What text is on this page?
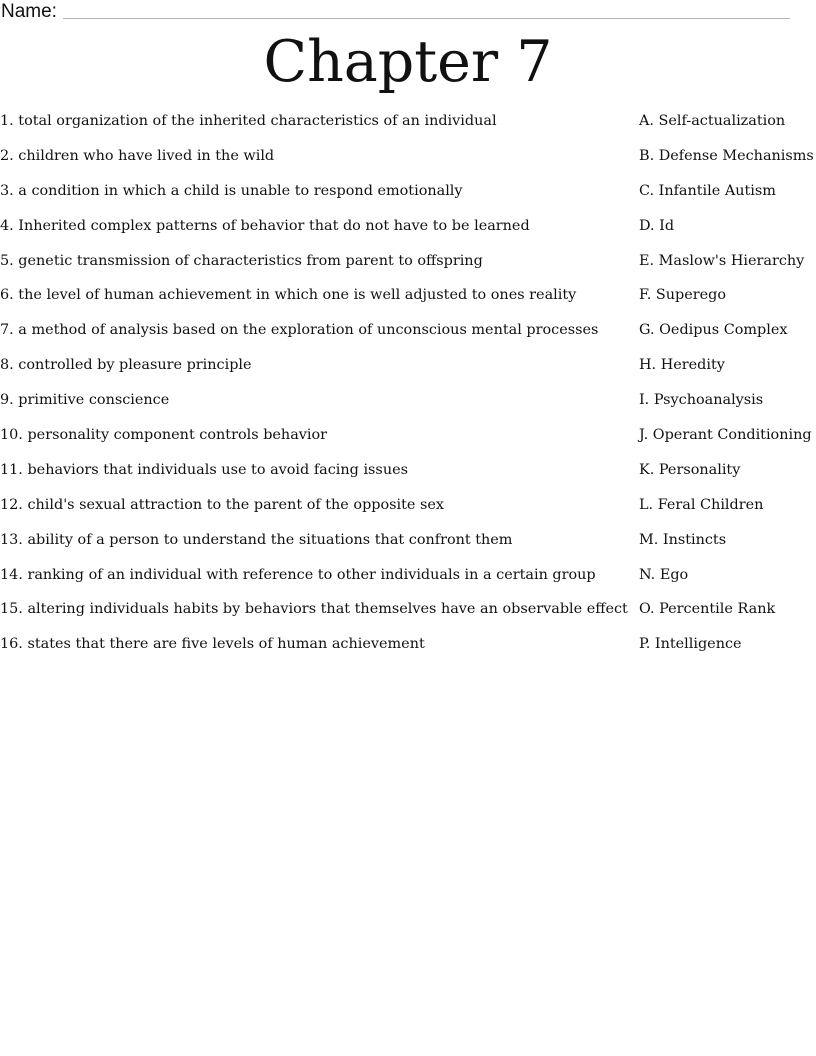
Name:
Chapter 7
1. total organization of the inherited characteristics of an individual	A. Self-actualization
2. children who have lived in the wild	B. Defense Mechanisms
3. a condition in which a child is unable to respond emotionally	C. Infantile Autism
4. Inherited complex patterns of behavior that do not have to be learned	D. Id
5. genetic transmission of characteristics from parent to offspring	E. Maslow's Hierarchy
6. the level of human achievement in which one is well adjusted to ones reality	F. Superego
7. a method of analysis based on the exploration of unconscious mental processes	G. Oedipus Complex
8. controlled by pleasure principle	H. Heredity
9. primitive conscience	I. Psychoanalysis
10. personality component controls behavior	J. Operant Conditioning
11. behaviors that individuals use to avoid facing issues	K. Personality
12. child's sexual attraction to the parent of the opposite sex	L. Feral Children
13. ability of a person to understand the situations that confront them	M. Instincts
14. ranking of an individual with reference to other individuals in a certain group	N. Ego
15. altering individuals habits by behaviors that themselves have an observable effect O. Percentile Rank
16. states that there are five levels of human achievement	P. Intelligence
